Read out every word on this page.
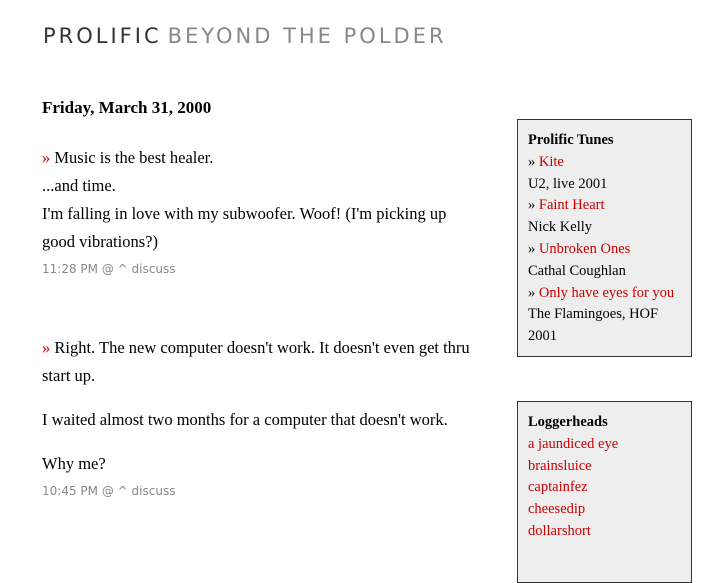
PROLIFIC BEYOND THE POLDER
Friday, March 31, 2000

» Music is the best healer.

...and time.

I'm falling in love with my subwoofer. Woof! (I'm picking up good vibrations?)

11:28 PM @ ^ discuss

» Right. The new computer doesn't work. It doesn't even get thru start up.

I waited almost two months for a computer that doesn't work.

Why me?

10:45 PM @ ^ discuss
Prolific Tunes
» Kite
U2, live 2001
» Faint Heart
Nick Kelly
» Unbroken Ones
Cathal Coughlan
» Only have eyes for you
The Flamingoes, HOF 2001
Loggerheads
a jaundiced eye
brainsluice
captainfez
cheesedip
dollarshort
